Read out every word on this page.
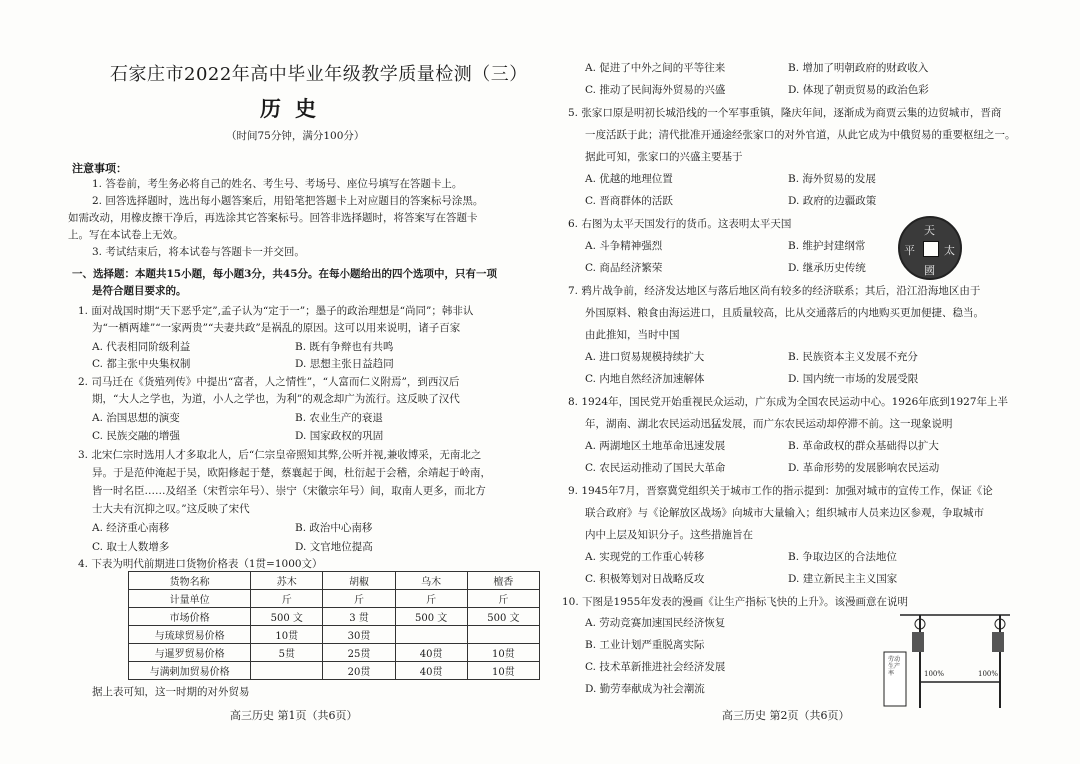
石家庄市2022年高中毕业年级教学质量检测（三）
历史
（时间75分钟，满分100分）
注意事项：
1. 答卷前，考生务必将自己的姓名、考生号、考场号、座位号填写在答题卡上。
2. 回答选择题时，选出每小题答案后，用铅笔把答题卡上对应题目的答案标号涂黑。
如需改动，用橡皮擦干净后，再选涂其它答案标号。回答非选择题时，将答案写在答题卡
上。写在本试卷上无效。
3. 考试结束后，将本试卷与答题卡一并交回。
一、选择题：本题共15小题，每小题3分，共45分。在每小题给出的四个选项中，只有一项
是符合题目要求的。
1. 面对战国时期“天下恶乎定”,孟子认为“定于一”；墨子的政治理想是“尚同”；韩非认
为“一栖两雄”“一家两贵”“夫妻共政”是祸乱的原因。这可以用来说明，诸子百家
A. 代表相同阶级利益	B. 既有争辩也有共鸣
C. 都主张中央集权制	D. 思想主张日益趋同
2. 司马迁在《货殖列传》中提出“富者，人之情性”，“人富而仁义附焉”，到西汉后
期，“大人之学也，为道，小人之学也，为利”的观念却广为流行。这反映了汉代
A. 治国思想的演变	B. 农业生产的衰退
C. 民族交融的增强	D. 国家政权的巩固
3. 北宋仁宗时选用人才多取北人，后“仁宗皇帝照知其弊,公听并视,兼收博采，无南北之
异。于是范仲淹起于吴，欧阳修起于楚，蔡襄起于闽，杜衍起于会稽，余靖起于岭南，
皆一时名臣……及绍圣（宋哲宗年号）、崇宁（宋徽宗年号）间，取南人更多，而北方
士大夫有沉抑之叹。”这反映了宋代
A. 经济重心南移	B. 政治中心南移
C. 取士人数增多	D. 文官地位提高
4. 下表为明代前期进口货物价格表（1贯=1000文）
货物名称	苏木	胡椒	乌木	檀香
计量单位	斤	斤	斤	斤
市场价格	500 文	3 贯	500 文	500 文
与琉球贸易价格	10贯	30贯		
与暹罗贸易价格	5贯	25贯	40贯	10贯
与满剌加贸易价格		20贯	40贯	10贯
据上表可知，这一时期的对外贸易
高三历史 第1页（共6页）
A. 促进了中外之间的平等往来	B. 增加了明朝政府的财政收入
C. 推动了民间海外贸易的兴盛	D. 体现了朝贡贸易的政治色彩
5. 张家口原是明初长城沿线的一个军事重镇，隆庆年间，逐渐成为商贾云集的边贸城市，晋商
一度活跃于此；清代批准开通途经张家口的对外官道，从此它成为中俄贸易的重要枢纽之一。
据此可知，张家口的兴盛主要基于
A. 优越的地理位置	B. 海外贸易的发展
C. 晋商群体的活跃	D. 政府的边疆政策
6. 右图为太平天国发行的货币。这表明太平天国
A. 斗争精神强烈	B. 维护封建纲常
C. 商品经济繁荣	D. 继承历史传统
天
國
太
平
7. 鸦片战争前，经济发达地区与落后地区尚有较多的经济联系；其后，沿江沿海地区由于
外国原料、粮食由海运进口，且质量较高，比从交通落后的内地购买更加便捷、稳当。
由此推知，当时中国
A. 进口贸易规模持续扩大	B. 民族资本主义发展不充分
C. 内地自然经济加速解体	D. 国内统一市场的发展受限
8. 1924年，国民党开始重视民众运动，广东成为全国农民运动中心。1926年底到1927年上半
年，湖南、湖北农民运动迅猛发展，而广东农民运动却停滞不前。这一现象说明
A. 两湖地区土地革命迅速发展	B. 革命政权的群众基础得以扩大
C. 农民运动推动了国民大革命	D. 革命形势的发展影响农民运动
9. 1945年7月，晋察冀党组织关于城市工作的指示提到：加强对城市的宣传工作，保证《论
联合政府》与《论解放区战场》向城市大量输入；组织城市人员来边区参观，争取城市
内中上层及知识分子。这些措施旨在
A. 实现党的工作重心转移	B. 争取边区的合法地位
C. 积极筹划对日战略反攻	D. 建立新民主主义国家
10. 下图是1955年发表的漫画《让生产指标飞快的上升》。该漫画意在说明
A. 劳动竞赛加速国民经济恢复
B. 工业计划严重脱离实际
C. 技术革新推进社会经济发展
D. 勤劳奉献成为社会潮流
劳动生产率	100%	100%
高三历史 第2页（共6页）
